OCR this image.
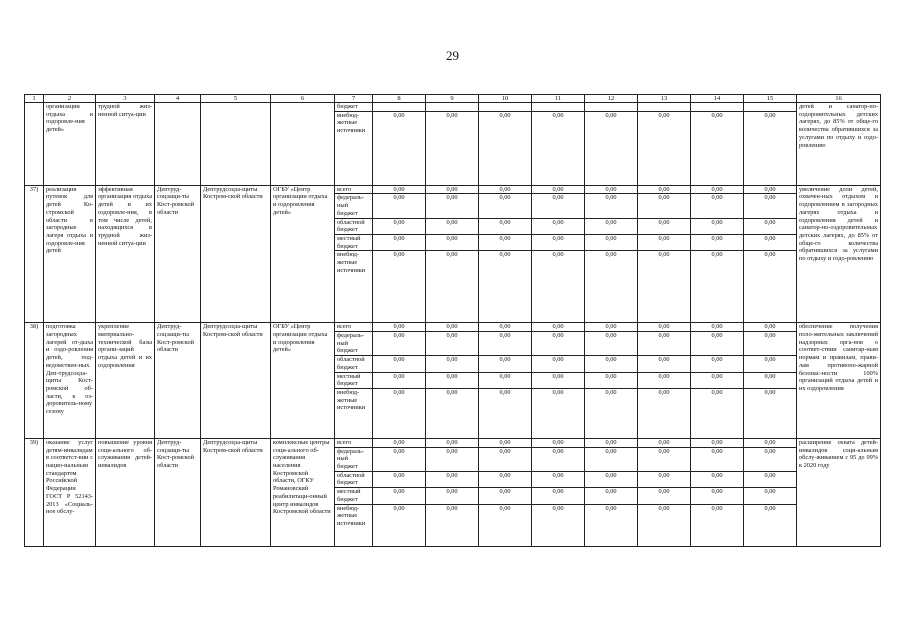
29
1	2	3	4	5	6	7	8	9	10	11	12	13	14	15	16
	организации отдыха и оздоровле-ния детей»	трудной жиз-ненной ситуа-ции				бюджет									детей и санатор-но-оздоровительных детских лагерях, до 85% от обще-го количества обратившихся за услугами по отдыху и оздо-ровлению
						внебюд-жетные источники	0,00	0,00	0,00	0,00	0,00	0,00	0,00	0,00	
37)	реализация путевок для детей Ко-стромской области в загородные лагеря отдыха и оздоровле-ния детей	эффективная организация отдыха детей и их оздоровле-ния, в том числе детей, находящихся в трудной жиз-ненной ситуа-ции	Дептруд-соцзащи-ты Кост-ромской области	Дептрудсоцза-щиты Костром-ской области	ОГБУ «Центр организации отдыха и оздоровления детей»	всего	0,00	0,00	0,00	0,00	0,00	0,00	0,00	0,00	увеличение доли детей, охвачен-ных отдыхом и оздоровлением в загородных лагерях отдыха и оздоровления детей и санатор-но-оздоровительных детских лагерях, до 85% от обще-го количества обратившихся за услугами по отдыху и оздо-ровлению
						федераль-ный бюджет	0,00	0,00	0,00	0,00	0,00	0,00	0,00	0,00	
						областной бюджет	0,00	0,00	0,00	0,00	0,00	0,00	0,00	0,00	
						местный бюджет	0,00	0,00	0,00	0,00	0,00	0,00	0,00	0,00	
						внебюд-жетные источники	0,00	0,00	0,00	0,00	0,00	0,00	0,00	0,00	
38)	подготовка загородных лагерей от-дыха и оздо-ровления детей, под-ведомствен-ных Деп-трудсоцза-щиты Кост-ромской об-ласти, к оз-доровитель-ному сезону	укрепление материально-технической базы органи-заций отдыха детей и их оздоровления	Дептруд-соцзащи-ты Кост-ромской области	Дептрудсоцза-щиты Костром-ской области	ОГБУ «Центр организации отдыха и оздоровления детей»	всего	0,00	0,00	0,00	0,00	0,00	0,00	0,00	0,00	обеспечение получения поло-жительных заключений надзорных орга-нов о соответ-ствии санитар-ным нормам и правилам, прави-лам противопо-жарной безопас-ности 100% организаций отдыха детей и их оздоровления
						федераль-ный бюджет	0,00	0,00	0,00	0,00	0,00	0,00	0,00	0,00	
						областной бюджет	0,00	0,00	0,00	0,00	0,00	0,00	0,00	0,00	
						местный бюджет	0,00	0,00	0,00	0,00	0,00	0,00	0,00	0,00	
						внебюд-жетные источники	0,00	0,00	0,00	0,00	0,00	0,00	0,00	0,00	
39)	оказание услуг детям-инвалидам в соответст-вии с нацио-нальным стандартом Российской Федерации ГОСТ Р 52143-2013 «Социаль-ное обслу-	повышение уровня соци-ального об-служивания детей-инвалидов	Дептруд-соцзащи-ты Кост-ромской области	Дептрудсоцза-щиты Костром-ской области	комплексные центры соци-ального об-служивания населения Костромской области, ОГКУ Романовский реабилитаци-онный центр инвалидов Костромской области	всего	0,00	0,00	0,00	0,00	0,00	0,00	0,00	0,00	расширение охвата детей-инвалидов соци-альным обслу-живанием с 95 до 99% к 2020 году
						федераль-ный бюджет	0,00	0,00	0,00	0,00	0,00	0,00	0,00	0,00	
						областной бюджет	0,00	0,00	0,00	0,00	0,00	0,00	0,00	0,00	
						местный бюджет	0,00	0,00	0,00	0,00	0,00	0,00	0,00	0,00	
						внебюд-жетные источники	0,00	0,00	0,00	0,00	0,00	0,00	0,00	0,00	
